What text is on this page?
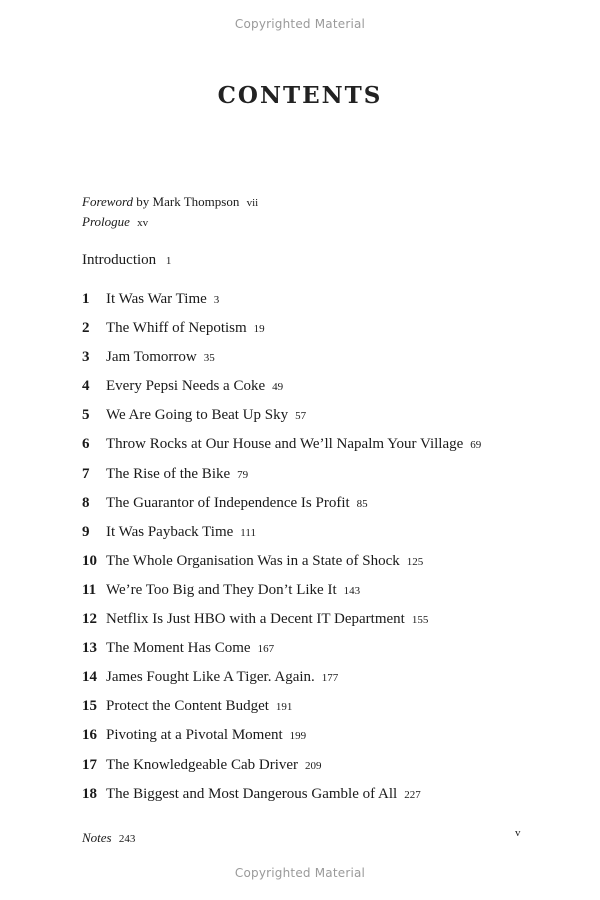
Copyrighted Material
CONTENTS
Foreword by Mark Thompson vii
Prologue xv
Introduction 1
1	It Was War Time 3
2	The Whiff of Nepotism 19
3	Jam Tomorrow 35
4	Every Pepsi Needs a Coke 49
5	We Are Going to Beat Up Sky 57
6	Throw Rocks at Our House and We’ll Napalm Your Village 69
7	The Rise of the Bike 79
8	The Guarantor of Independence Is Profit 85
9	It Was Payback Time 111
10 The Whole Organisation Was in a State of Shock 125
11 We’re Too Big and They Don’t Like It 143
12 Netflix Is Just HBO with a Decent IT Department 155
13 The Moment Has Come 167
14 James Fought Like A Tiger. Again. 177
15 Protect the Content Budget 191
16 Pivoting at a Pivotal Moment 199
17 The Knowledgeable Cab Driver 209
18 The Biggest and Most Dangerous Gamble of All 227
Notes 243	v
Copyrighted Material
